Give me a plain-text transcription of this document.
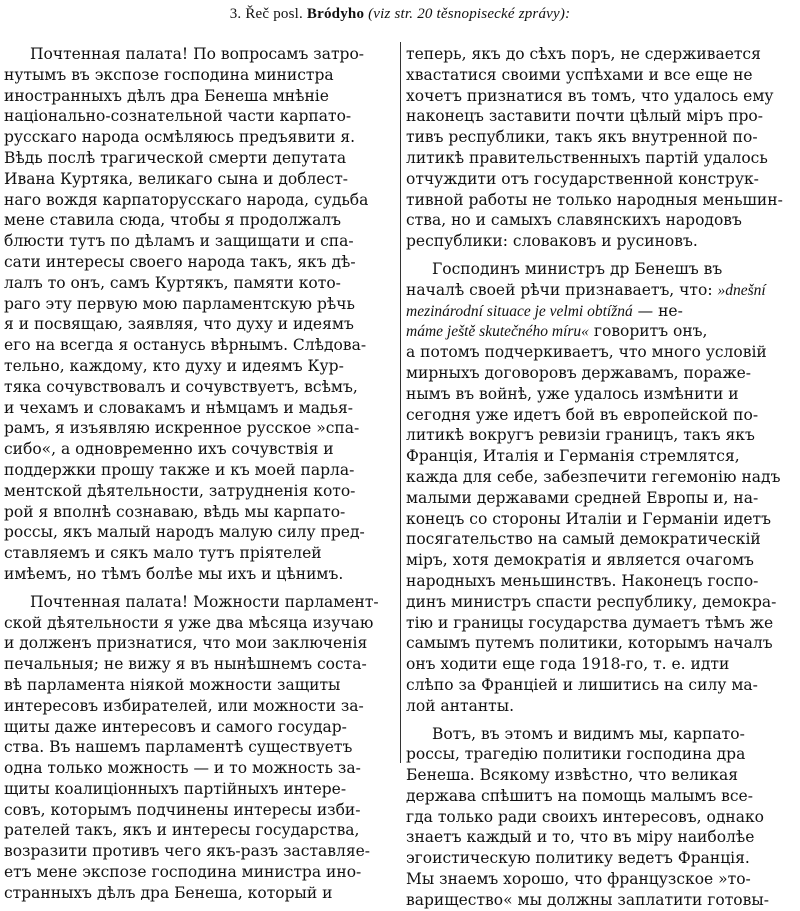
3. Řeč posl. Bródyho (viz str. 20 těsnopisecké zprávy):
Почтенная палата! По вопросамъ затро-
нутымъ въ экспозе господина министра
иностранныхъ дѣлъ дра Бенеша мнѣніе
національно-сознательной части карпато-
русскаго народа осмѣляюсь предъявити я.
Вѣдь послѣ трагической смерти депутата
Ивана Куртяка, великаго сына и доблест-
наго вождя карпаторусскаго народа, судьба
мене ставила сюда, чтобы я продолжалъ
блюсти тутъ по дѣламъ и защищати и спа-
сати интересы своего народа такъ, якъ дѣ-
лалъ то онъ, самъ Куртякъ, памяти кото-
раго эту первую мою парламентскую рѣчь
я и посвящаю, заявляя, что духу и идеямъ
его на всегда я останусь вѣрнымъ. Слѣдова-
тельно, каждому, кто духу и идеямъ Кур-
тяка сочувствовалъ и сочувствуетъ, всѣмъ,
и чехамъ и словакамъ и нѣмцамъ и мадья-
рамъ, я изъявляю искренное русское »спа-
сибо«, а одновременно ихъ сочувствія и
поддержки прошу также и къ моей парла-
ментской дѣятельности, затрудненія кото-
рой я вполнѣ сознаваю, вѣдь мы карпато-
россы, якъ малый народъ малую силу пред-
ставляемъ и сякъ мало тутъ пріятелей
имѣемъ, но тѣмъ болѣе мы ихъ и цѣнимъ.
Почтенная палата! Можности парламент-
ской дѣятельности я уже два мѣсяца изучаю
и долженъ признатися, что мои заключенія
печальныя; не вижу я въ нынѣшнемъ соста-
вѣ парламента ніякой можности защиты
интересовъ избирателей, или можности за-
щиты даже интересовъ и самого государ-
ства. Въ нашемъ парламентѣ существуетъ
одна только можность — и то можность за-
щиты коалиціонныхъ партійныхъ интере-
совъ, которымъ подчинены интересы изби-
рателей такъ, якъ и интересы государства,
возразити противъ чего якъ-разъ заставляе-
етъ мене экспозе господина министра ино-
странныхъ дѣлъ дра Бенеша, который и
теперь, якъ до сѣхъ поръ, не сдерживается
хвастатися своими успѣхами и все еще не
хочетъ признатися въ томъ, что удалось ему
наконецъ заставити почти цѣлый міръ про-
тивъ республики, такъ якъ внутренной по-
литикѣ правительственныхъ партій удалось
отчуждити отъ государственной конструк-
тивной работы не только народныя меньшин-
ства, но и самыхъ славянскихъ народовъ
республики: словаковъ и русиновъ.
Господинъ министръ др Бенешъ въ
началѣ своей рѣчи признаваетъ, что: »dnešní
mezinárodní situace je velmi obtížná — не-
máme ještě skutečného míru« говоритъ онъ,
а потомъ подчеркиваетъ, что много условій
мирныхъ договоровъ державамъ, пораже-
нымъ въ войнѣ, уже удалось измѣнити и
сегодня уже идетъ бой въ европейской по-
литикѣ вокругъ ревизіи границъ, такъ якъ
Франція, Италія и Германія стремлятся,
кажда для себе, забезпечити гегемонію надъ
малыми державами средней Европы и, на-
конецъ со стороны Италіи и Германіи идетъ
посягательство на самый демократическій
міръ, хотя демократія и является очагомъ
народныхъ меньшинствъ. Наконецъ госпо-
динъ министръ спасти республику, демокра-
тію и границы государства думаетъ тѣмъ же
самымъ путемъ политики, которымъ началъ
онъ ходити еще года 1918-го, т. е. идти
слѣпо за Франціей и лишитись на силу ма-
лой антанты.
Вотъ, въ этомъ и видимъ мы, карпато-
россы, трагедію политики господина дра
Бенеша. Всякому извѣстно, что великая
держава спѣшитъ на помощь малымъ все-
гда только ради своихъ интересовъ, однако
знаетъ каждый и то, что въ міру наиболѣе
эгоистическую политику ведетъ Франція.
Мы знаемъ хорошо, что французское »то-
варищество« мы должны заплатити готовы-
